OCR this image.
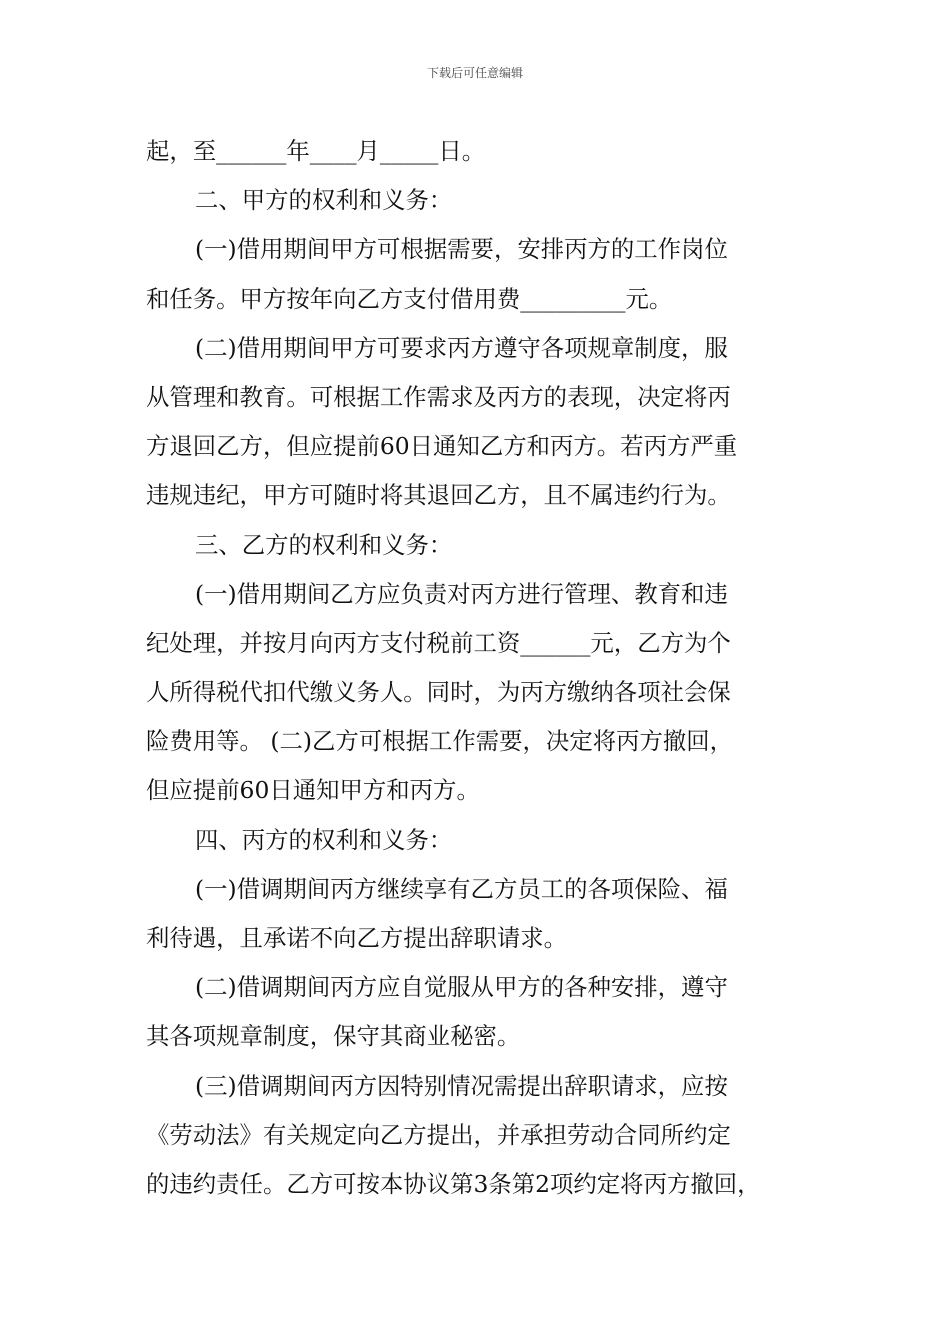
下载后可任意编辑
起，至______年____月_____日。
二、甲方的权利和义务：
(一)借用期间甲方可根据需要，安排丙方的工作岗位
和任务。甲方按年向乙方支付借用费_________元。
(二)借用期间甲方可要求丙方遵守各项规章制度，服
从管理和教育。可根据工作需求及丙方的表现，决定将丙
方退回乙方，但应提前60日通知乙方和丙方。若丙方严重
违规违纪，甲方可随时将其退回乙方，且不属违约行为。
三、乙方的权利和义务：
(一)借用期间乙方应负责对丙方进行管理、教育和违
纪处理，并按月向丙方支付税前工资______元，乙方为个
人所得税代扣代缴义务人。同时，为丙方缴纳各项社会保
险费用等。 (二)乙方可根据工作需要，决定将丙方撤回，
但应提前60日通知甲方和丙方。
四、丙方的权利和义务：
(一)借调期间丙方继续享有乙方员工的各项保险、福
利待遇，且承诺不向乙方提出辞职请求。
(二)借调期间丙方应自觉服从甲方的各种安排，遵守
其各项规章制度，保守其商业秘密。
(三)借调期间丙方因特别情况需提出辞职请求，应按
《劳动法》有关规定向乙方提出，并承担劳动合同所约定
的违约责任。乙方可按本协议第3条第2项约定将丙方撤回，
